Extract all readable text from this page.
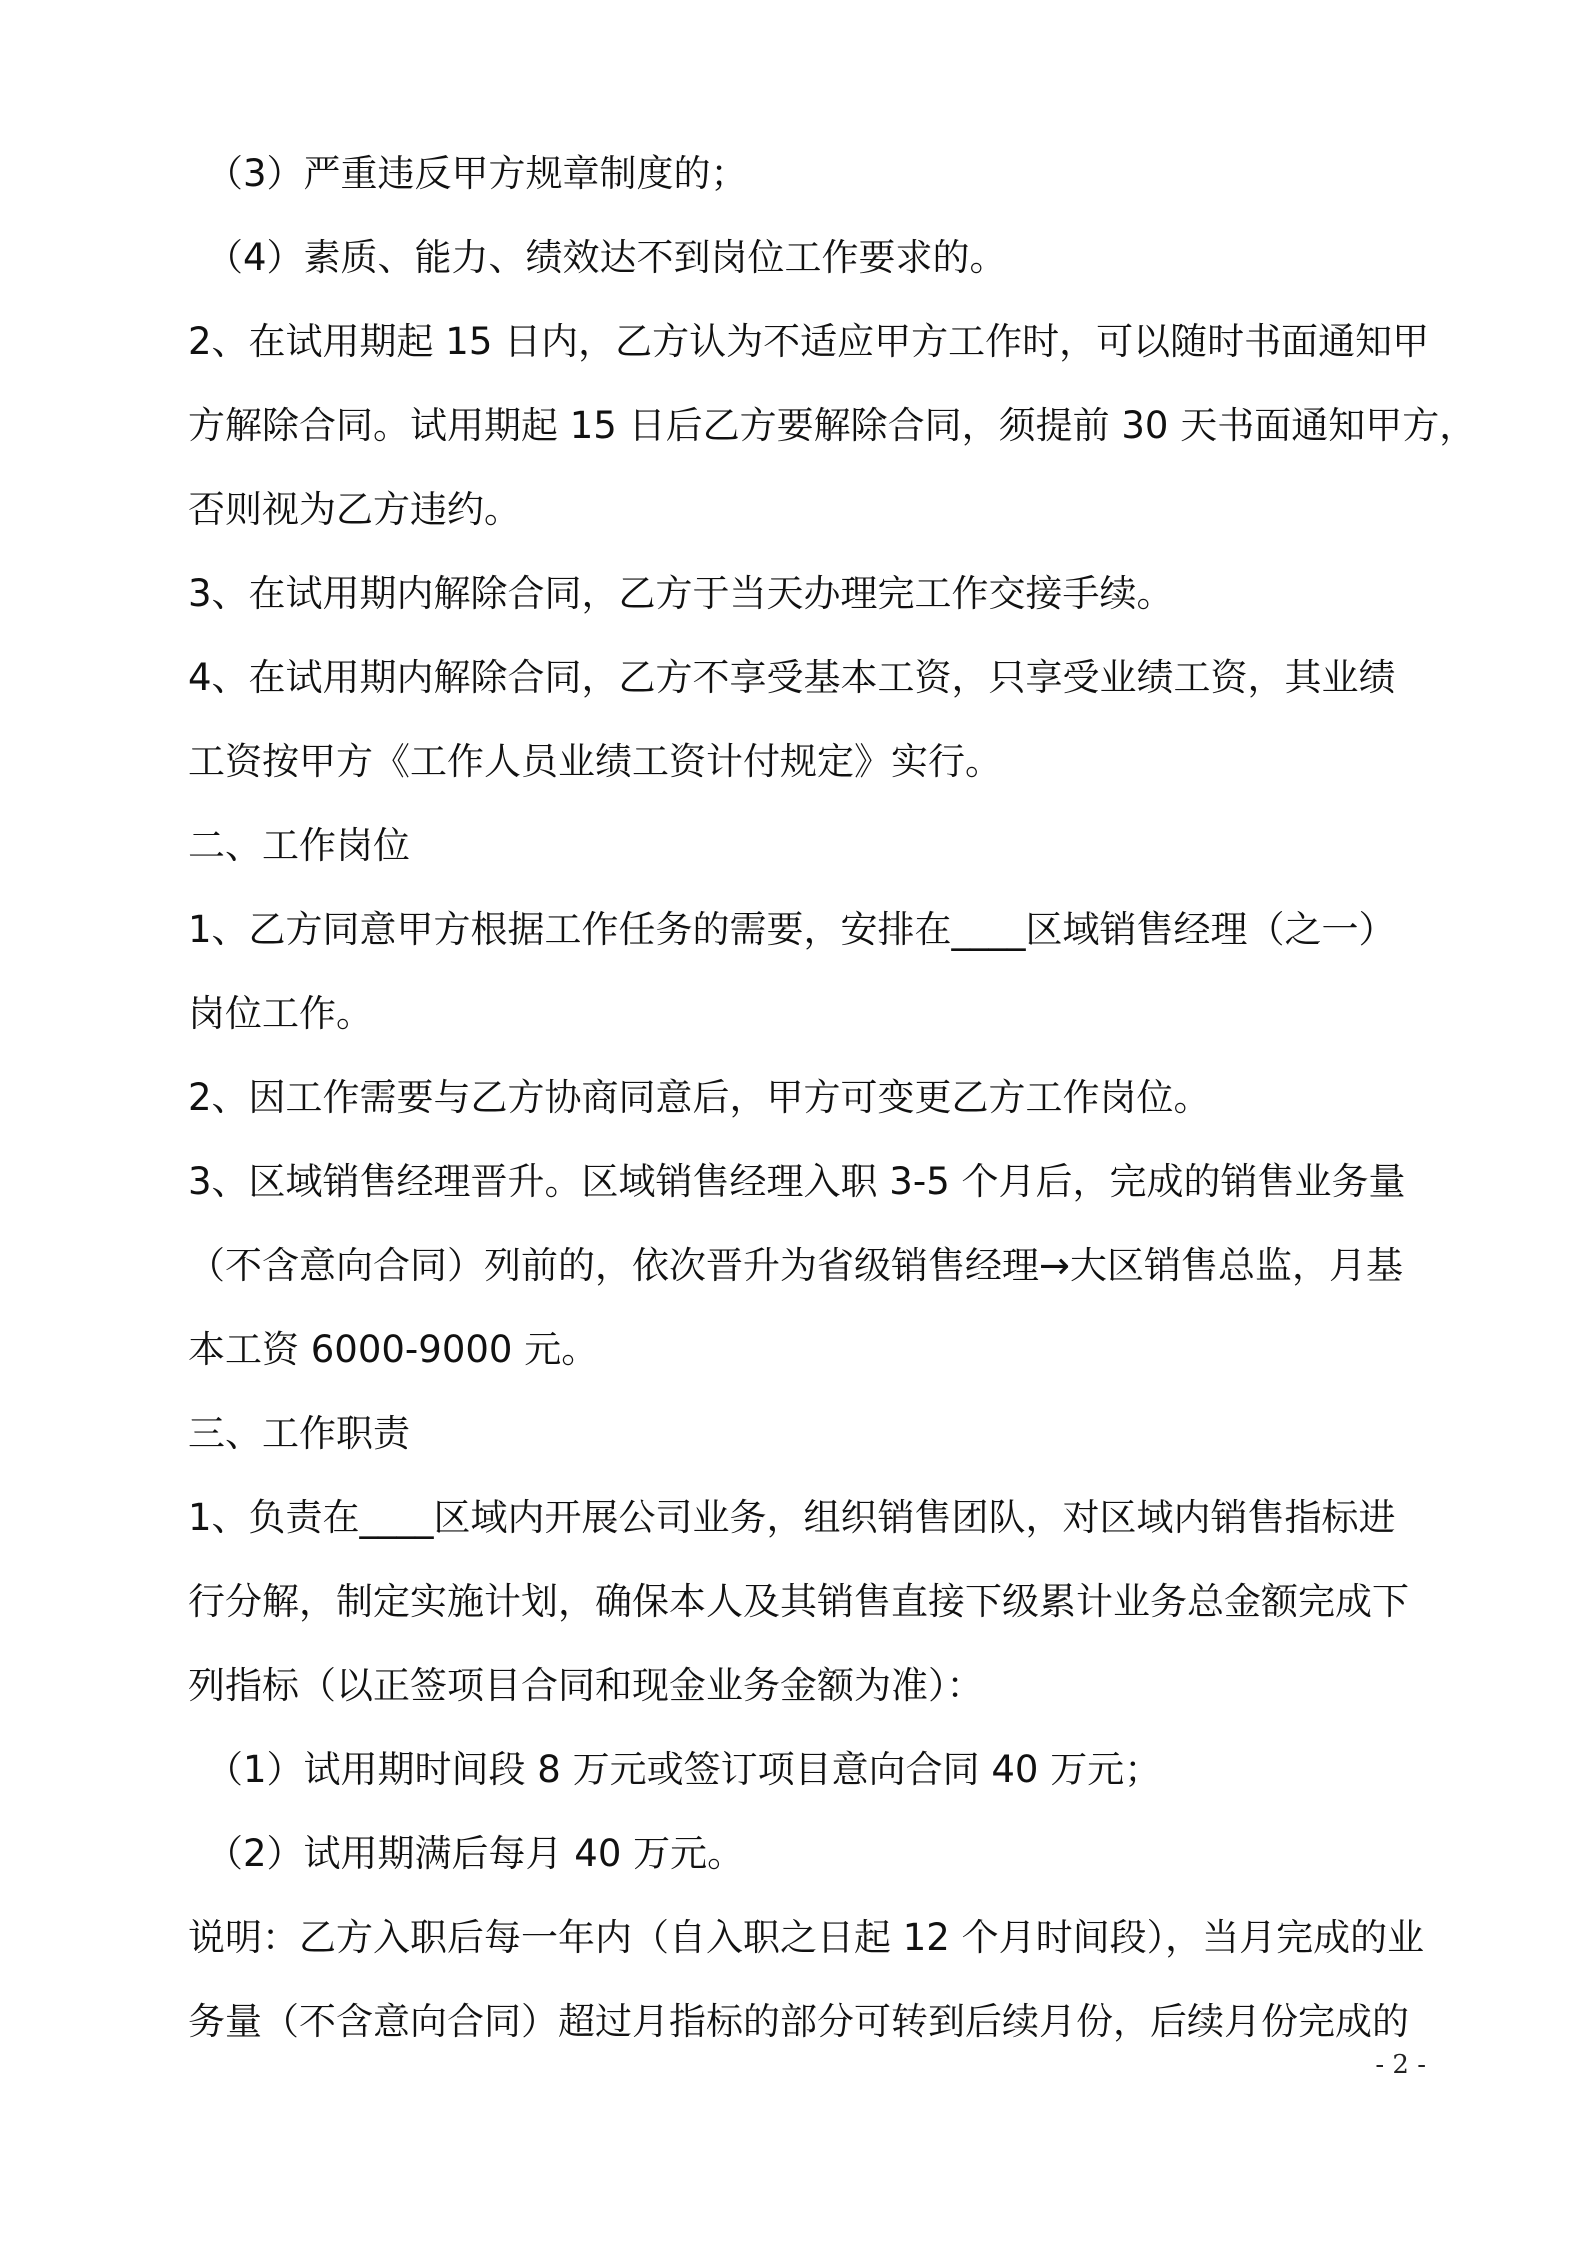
（3）严重违反甲方规章制度的；
（4）素质、能力、绩效达不到岗位工作要求的。
2、在试用期起 15 日内，乙方认为不适应甲方工作时，可以随时书面通知甲
方解除合同。试用期起 15 日后乙方要解除合同，须提前 30 天书面通知甲方，
否则视为乙方违约。
3、在试用期内解除合同，乙方于当天办理完工作交接手续。
4、在试用期内解除合同，乙方不享受基本工资，只享受业绩工资，其业绩
工资按甲方《工作人员业绩工资计付规定》实行。
二、工作岗位
1、乙方同意甲方根据工作任务的需要，安排在____区域销售经理（之一）
岗位工作。
2、因工作需要与乙方协商同意后，甲方可变更乙方工作岗位。
3、区域销售经理晋升。区域销售经理入职 3-5 个月后，完成的销售业务量
（不含意向合同）列前的，依次晋升为省级销售经理→大区销售总监，月基
本工资 6000-9000 元。
三、工作职责
1、负责在____区域内开展公司业务，组织销售团队，对区域内销售指标进
行分解，制定实施计划，确保本人及其销售直接下级累计业务总金额完成下
列指标（以正签项目合同和现金业务金额为准）：
（1）试用期时间段 8 万元或签订项目意向合同 40 万元；
（2）试用期满后每月 40 万元。
说明：乙方入职后每一年内（自入职之日起 12 个月时间段），当月完成的业
务量（不含意向合同）超过月指标的部分可转到后续月份，后续月份完成的
- 2 -
